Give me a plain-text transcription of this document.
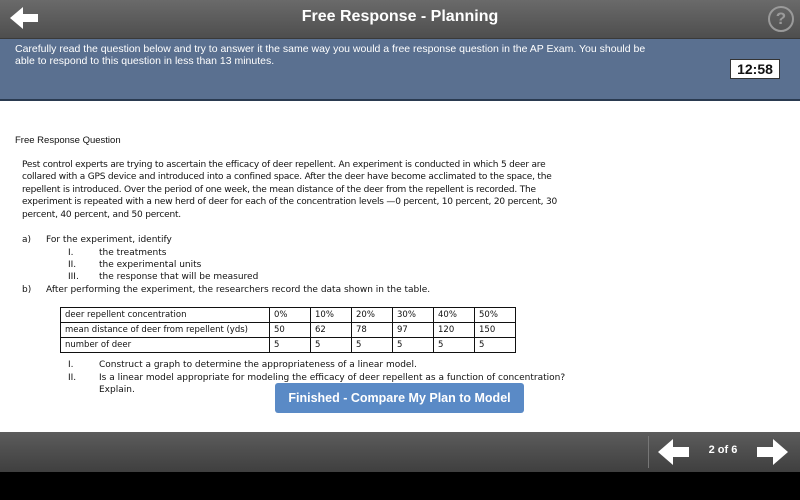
Free Response - Planning	?
Carefully read the question below and try to answer it the same way you would a free response question in the AP Exam. You should be able to respond to this question in less than 13 minutes.	12:58
Free Response Question
Pest control experts are trying to ascertain the efficacy of deer repellent. An experiment is conducted in which 5 deer are collared with a GPS device and introduced into a confined space. After the deer have become acclimated to the space, the repellent is introduced. Over the period of one week, the mean distance of the deer from the repellent is recorded. The experiment is repeated with a new herd of deer for each of the concentration levels —0 percent, 10 percent, 20 percent, 30 percent, 40 percent, and 50 percent.
a) For the experiment, identify
I.	the treatments
II.	the experimental units
III. the response that will be measured
b) After performing the experiment, the researchers record the data shown in the table.
deer repellent concentration	0%	10%	20%	30%	40%	50%
mean distance of deer from repellent (yds)	50	62	78	97	120	150
number of deer	5	5	5	5	5	5
I.	Construct a graph to determine the appropriateness of a linear model.
II.	Is a linear model appropriate for modeling the efficacy of deer repellent as a function of concentration?
Explain.
Finished - Compare My Plan to Model
2 of 6
